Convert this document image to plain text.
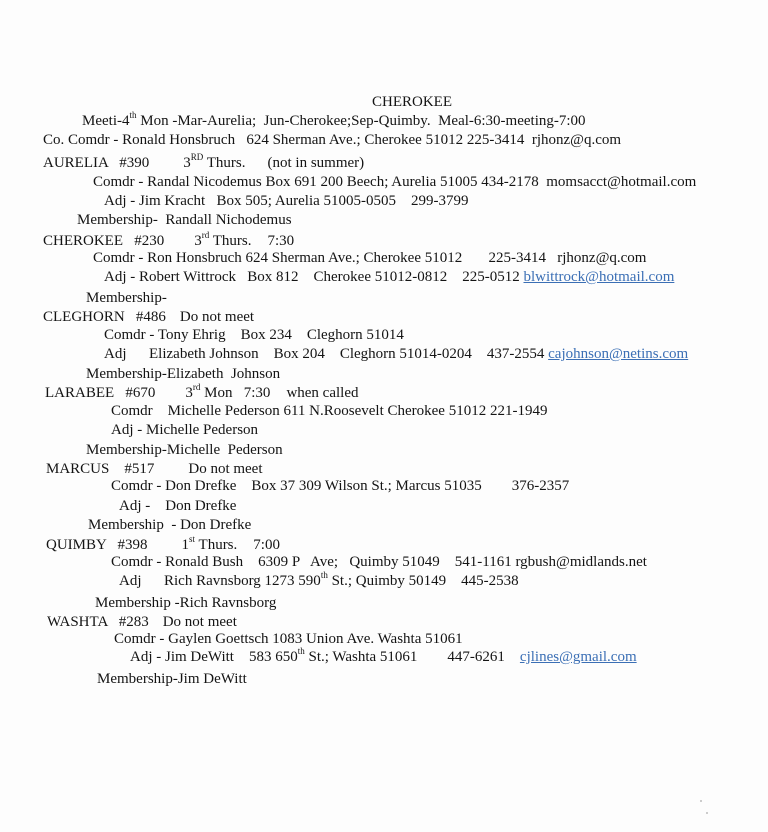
CHEROKEE
Meeti-4th Mon -Mar-Aurelia;  Jun-Cherokee;Sep-Quimby.  Meal-6:30-meeting-7:00
Co. Comdr - Ronald Honsbruch   624 Sherman Ave.; Cherokee 51012 225-3414  rjhonz@q.com
AURELIA   #390 3RD Thurs. (not in summer)
Comdr - Randal Nicodemus Box 691 200 Beech; Aurelia 51005 434-2178  momsacct@hotmail.com
Adj - Jim Kracht   Box 505; Aurelia 51005-0505    299-3799
Membership-  Randall Nichodemus
CHEROKEE   #230 3rd Thurs. 7:30
Comdr - Ron Honsbruch 624 Sherman Ave.; Cherokee 51012       225-3414   rjhonz@q.com
Adj - Robert Wittrock   Box 812    Cherokee 51012-0812    225-0512 blwittrock@hotmail.com
Membership-
CLEGHORN   #486 Do not meet
Comdr - Tony Ehrig    Box 234    Cleghorn 51014
Adj      Elizabeth Johnson    Box 204    Cleghorn 51014-0204    437-2554 cajohnson@netins.com
Membership-Elizabeth  Johnson
LARABEE   #670 3rd Mon   7:30 when called
Comdr    Michelle Pederson 611 N.Roosevelt Cherokee 51012 221-1949
Adj - Michelle Pederson
Membership-Michelle  Pederson
MARCUS    #517 Do not meet
Comdr - Don Drefke    Box 37 309 Wilson St.; Marcus 51035        376-2357
Adj -    Don Drefke
Membership  - Don Drefke
QUIMBY   #398 1st Thurs. 7:00
Comdr - Ronald Bush    6309 P   Ave;   Quimby 51049    541-1161 rgbush@midlands.net
Adj      Rich Ravnsborg 1273 590th St.; Quimby 50149    445-2538
Membership -Rich Ravnsborg
WASHTA   #283 Do not meet
Comdr - Gaylen Goettsch 1083 Union Ave. Washta 51061
Adj - Jim DeWitt    583 650th St.; Washta 51061        447-6261    cjlines@gmail.com
Membership-Jim DeWitt
